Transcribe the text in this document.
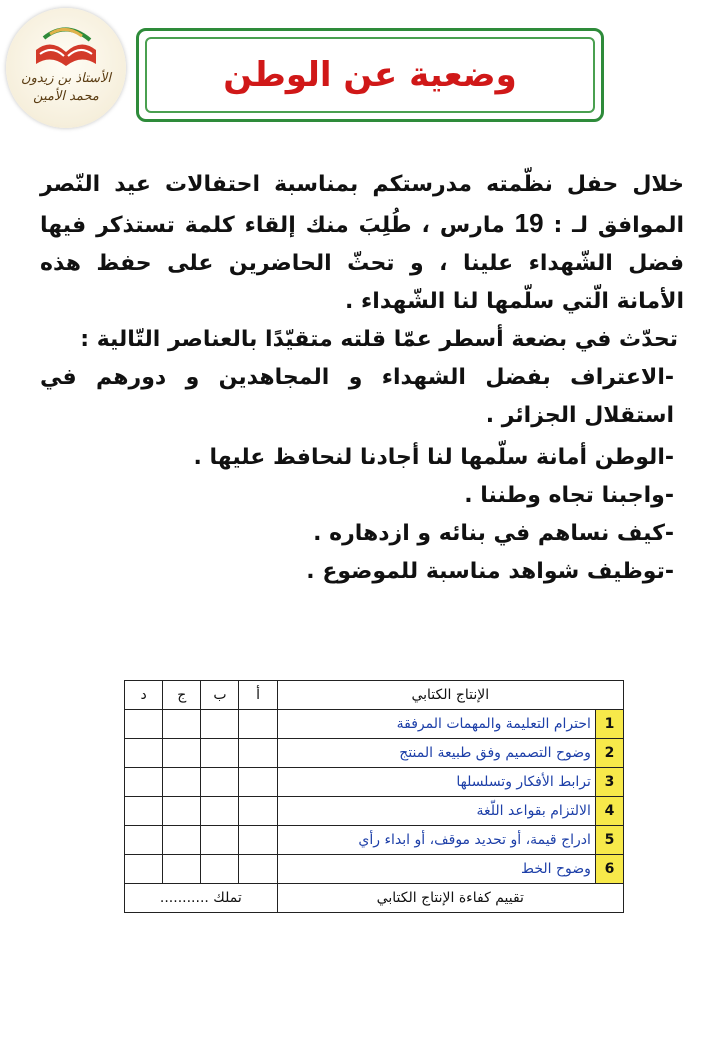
الأستاذ بن زيدون محمد الأمين
وضعية عن الوطن

خلال حفل نظّمته مدرستكم بمناسبة احتفالات عيد النّصر الموافق لـ : 19 مارس ، طُلِبَ منك إلقاء كلمة تستذكر فيها فضل الشّهداء علينا ، و تحثّ الحاضرين على حفظ هذه الأمانة الّتي سلّمها لنا الشّهداء .

تحدّث في بضعة أسطر عمّا قلته متقيّدًا بالعناصر التّالية :

-الاعتراف بفضل الشهداء و المجاهدين و دورهم في استقلال الجزائر .
-الوطن أمانة سلّمها لنا أجادنا لنحافظ عليها .
-واجبنا تجاه وطننا .
-كيف نساهم في بنائه و ازدهاره .
-توظيف شواهد مناسبة للموضوع .
الإنتاج الكتابي		أ	ب	ج	د
1	احترام التعليمة والمهمات المرفقة				
2	وضوح التصميم وفق طبيعة المنتج				
3	ترابط الأفكار وتسلسلها				
4	الالتزام بقواعد اللّغة				
5	ادراج قيمة، أو تحديد موقف، أو ابداء رأي				
6	وضوح الخط				
تقييم كفاءة الإنتاج الكتابي		تملك ...........			
